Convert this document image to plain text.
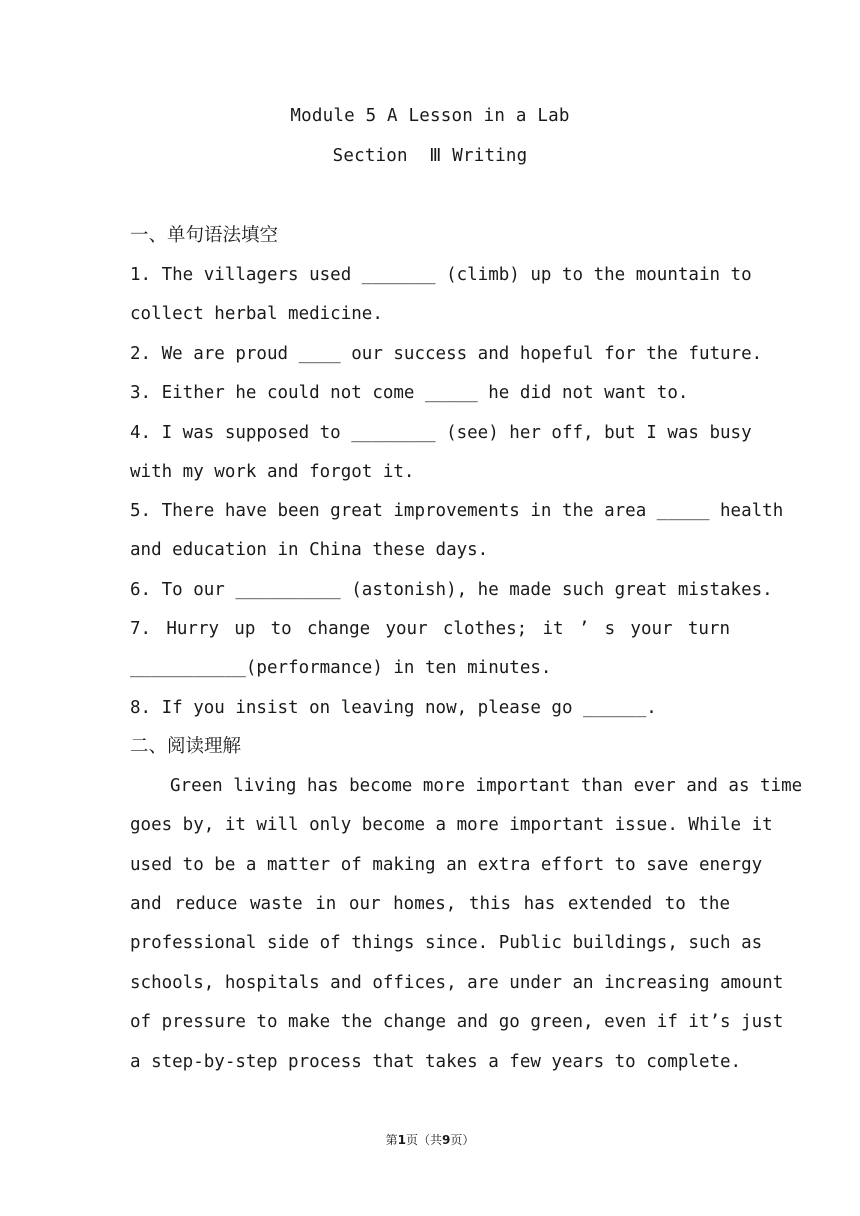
Module 5 A Lesson in a Lab
Section  Ⅲ Writing
一、单句语法填空
1. The villagers used _______ (climb) up to the mountain to
collect herbal medicine.
2. We are proud ____ our success and hopeful for the future.
3. Either he could not come _____ he did not want to.
4. I was supposed to ________ (see) her off, but I was busy
with my work and forgot it.
5. There have been great improvements in the area _____ health
and education in China these days.
6. To our __________ (astonish), he made such great mistakes.
7. Hurry up to change your clothes; it ’ s your turn
___________(performance) in ten minutes.
8. If you insist on leaving now, please go ______.
二、阅读理解
Green living has become more important than ever and as time
goes by, it will only become a more important issue. While it
used to be a matter of making an extra effort to save energy
and reduce waste in our homes, this has extended to the
professional side of things since. Public buildings, such as
schools, hospitals and offices, are under an increasing amount
of pressure to make the change and go green, even if it’s just
a step-by-step process that takes a few years to complete.
第1页（共9页）
